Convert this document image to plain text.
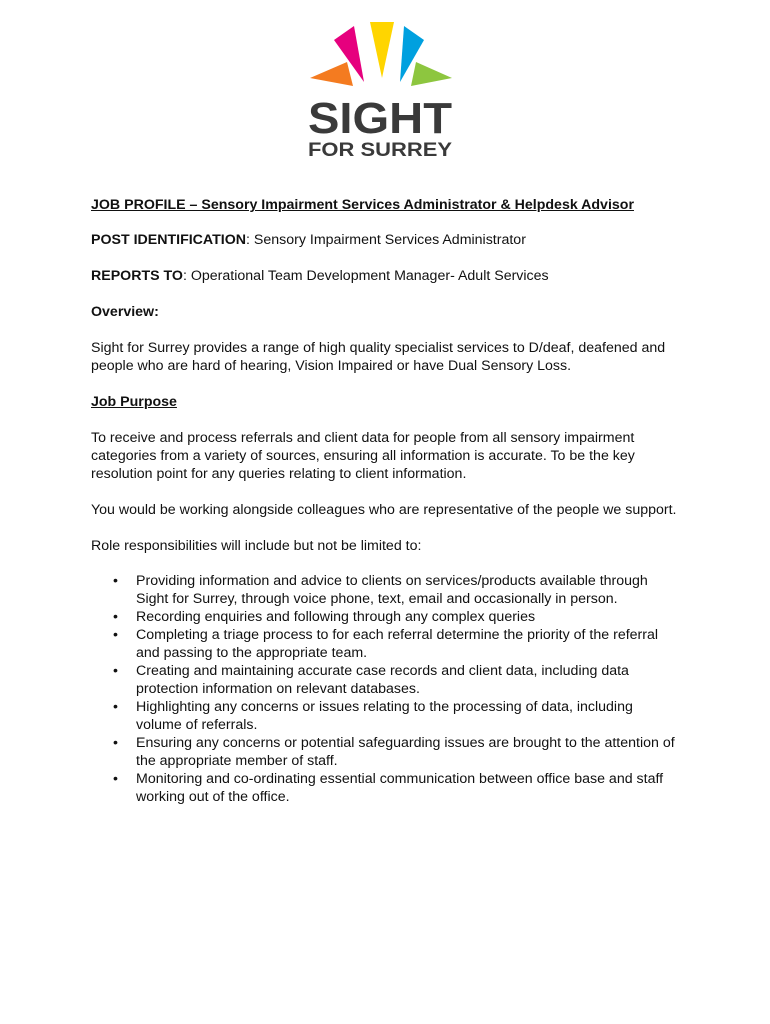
SIGHT
FOR SURREY

JOB PROFILE – Sensory Impairment Services Administrator & Helpdesk Advisor

POST IDENTIFICATION: Sensory Impairment Services Administrator

REPORTS TO: Operational Team Development Manager- Adult Services

Overview:

Sight for Surrey provides a range of high quality specialist services to D/deaf, deafened and people who are hard of hearing, Vision Impaired or have Dual Sensory Loss.

Job Purpose

To receive and process referrals and client data for people from all sensory impairment categories from a variety of sources, ensuring all information is accurate. To be the key resolution point for any queries relating to client information.

You would be working alongside colleagues who are representative of the people we support.

Role responsibilities will include but not be limited to:

• Providing information and advice to clients on services/products available through Sight for Surrey, through voice phone, text, email and occasionally in person.
• Recording enquiries and following through any complex queries
• Completing a triage process to for each referral determine the priority of the referral and passing to the appropriate team.
• Creating and maintaining accurate case records and client data, including data protection information on relevant databases.
• Highlighting any concerns or issues relating to the processing of data, including volume of referrals.
• Ensuring any concerns or potential safeguarding issues are brought to the attention of the appropriate member of staff.
• Monitoring and co-ordinating essential communication between office base and staff working out of the office.
